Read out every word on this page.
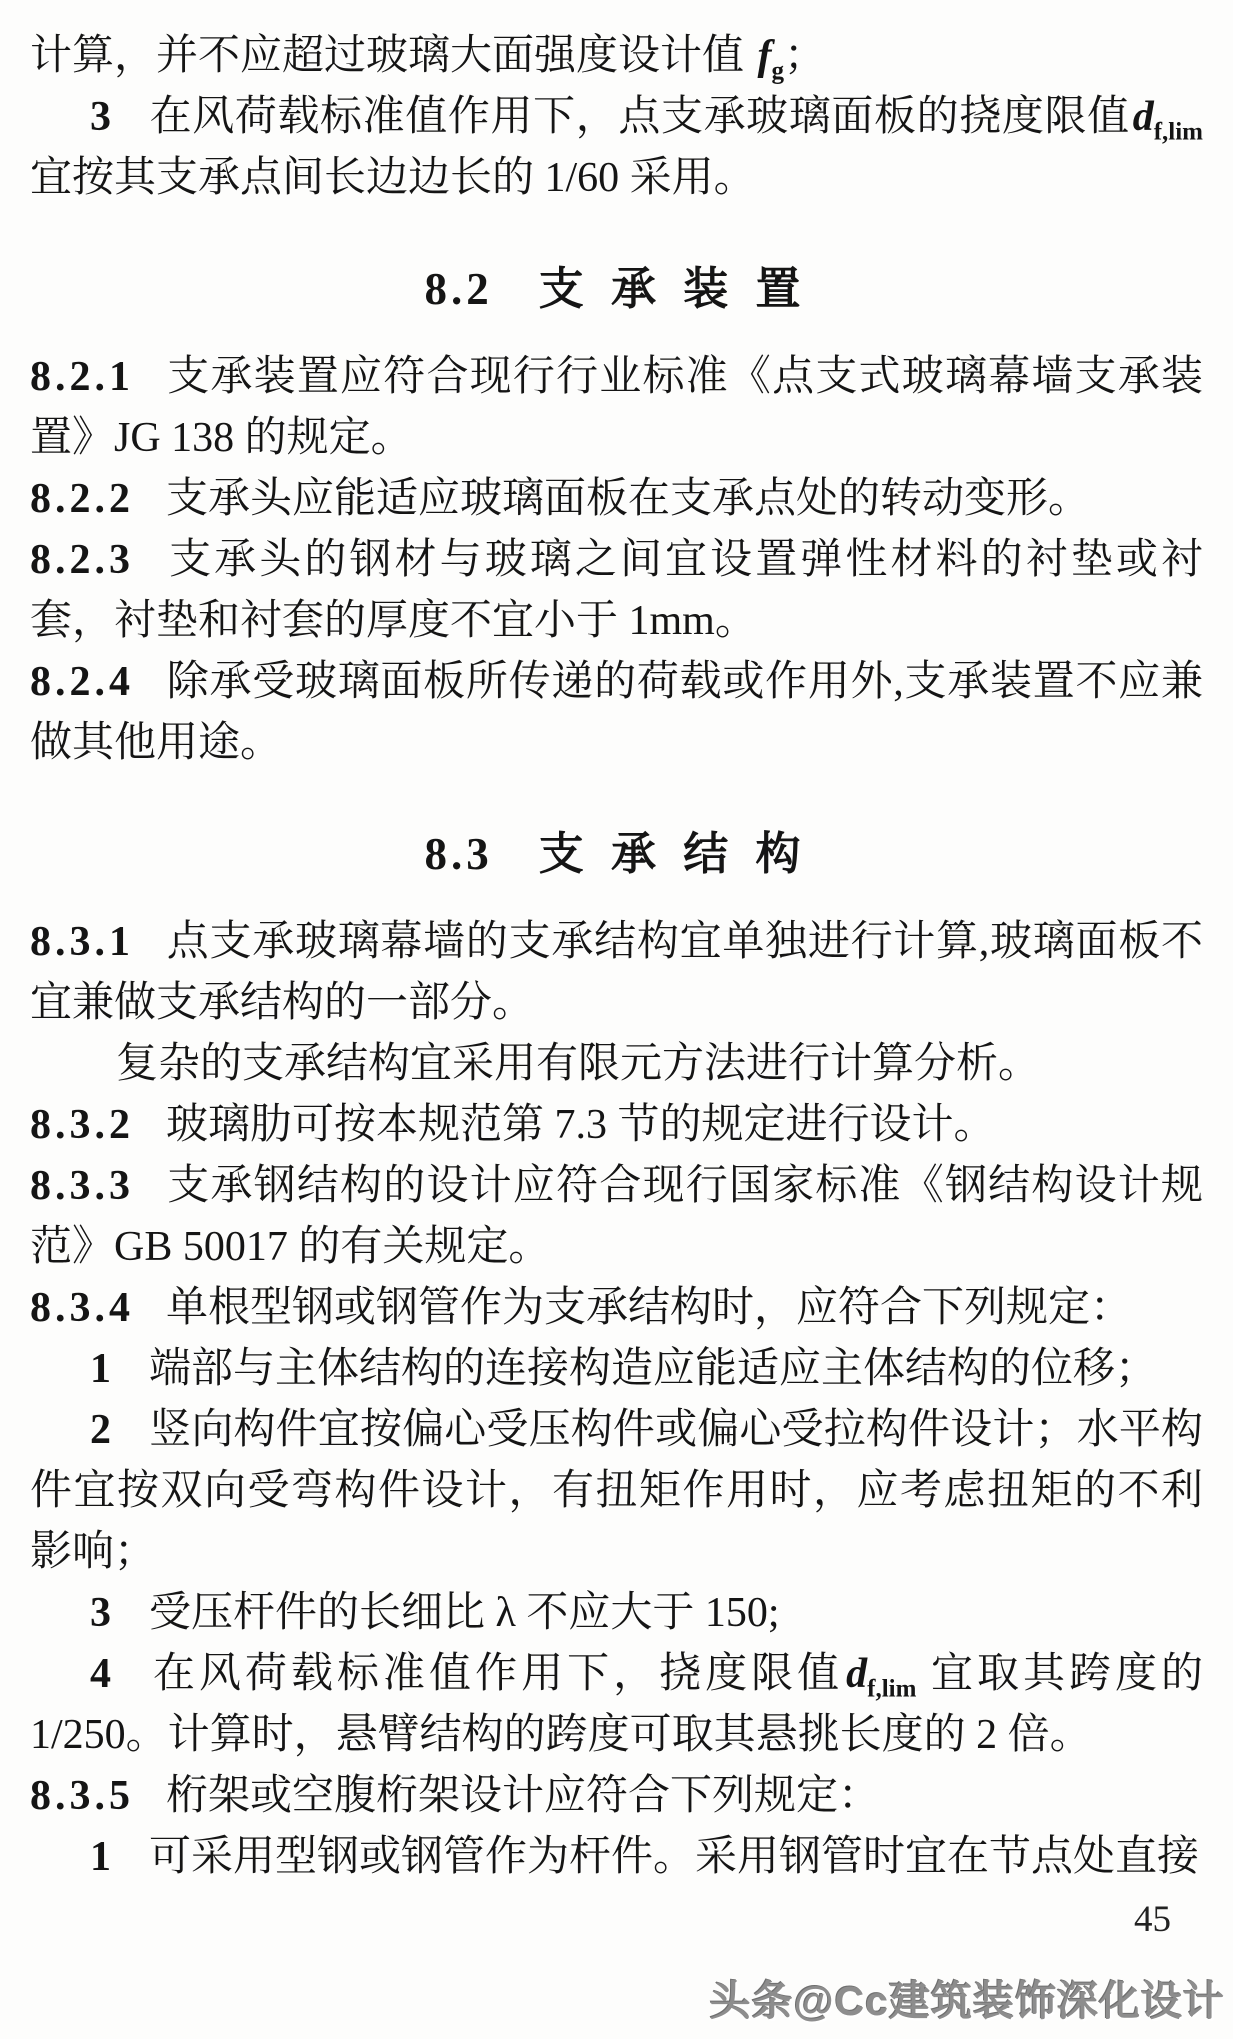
计算，并不应超过玻璃大面强度设计值 $f_g$；

3 在风荷载标准值作用下，点支承玻璃面板的挠度限值$d_{f,lim}$宜按其支承点间长边边长的 1/60 采用。

8.2 支 承 装 置

8.2.1 支承装置应符合现行行业标准《点支式玻璃幕墙支承装置》JG 138 的规定。

8.2.2 支承头应能适应玻璃面板在支承点处的转动变形。

8.2.3 支承头的钢材与玻璃之间宜设置弹性材料的衬垫或衬套，衬垫和衬套的厚度不宜小于 1mm。

8.2.4 除承受玻璃面板所传递的荷载或作用外,支承装置不应兼做其他用途。

8.3 支 承 结 构

8.3.1 点支承玻璃幕墙的支承结构宜单独进行计算,玻璃面板不宜兼做支承结构的一部分。

复杂的支承结构宜采用有限元方法进行计算分析。

8.3.2 玻璃肋可按本规范第 7.3 节的规定进行设计。

8.3.3 支承钢结构的设计应符合现行国家标准《钢结构设计规范》GB 50017 的有关规定。

8.3.4 单根型钢或钢管作为支承结构时，应符合下列规定：

1 端部与主体结构的连接构造应能适应主体结构的位移；

2 竖向构件宜按偏心受压构件或偏心受拉构件设计；水平构件宜按双向受弯构件设计，有扭矩作用时，应考虑扭矩的不利影响；

3 受压杆件的长细比 λ 不应大于 150;

4 在风荷载标准值作用下，挠度限值$d_{f,lim}$ 宜取其跨度的 1/250。计算时，悬臂结构的跨度可取其悬挑长度的 2 倍。

8.3.5 桁架或空腹桁架设计应符合下列规定：

1 可采用型钢或钢管作为杆件。采用钢管时宜在节点处直接

45
头条@Cc建筑装饰深化设计
